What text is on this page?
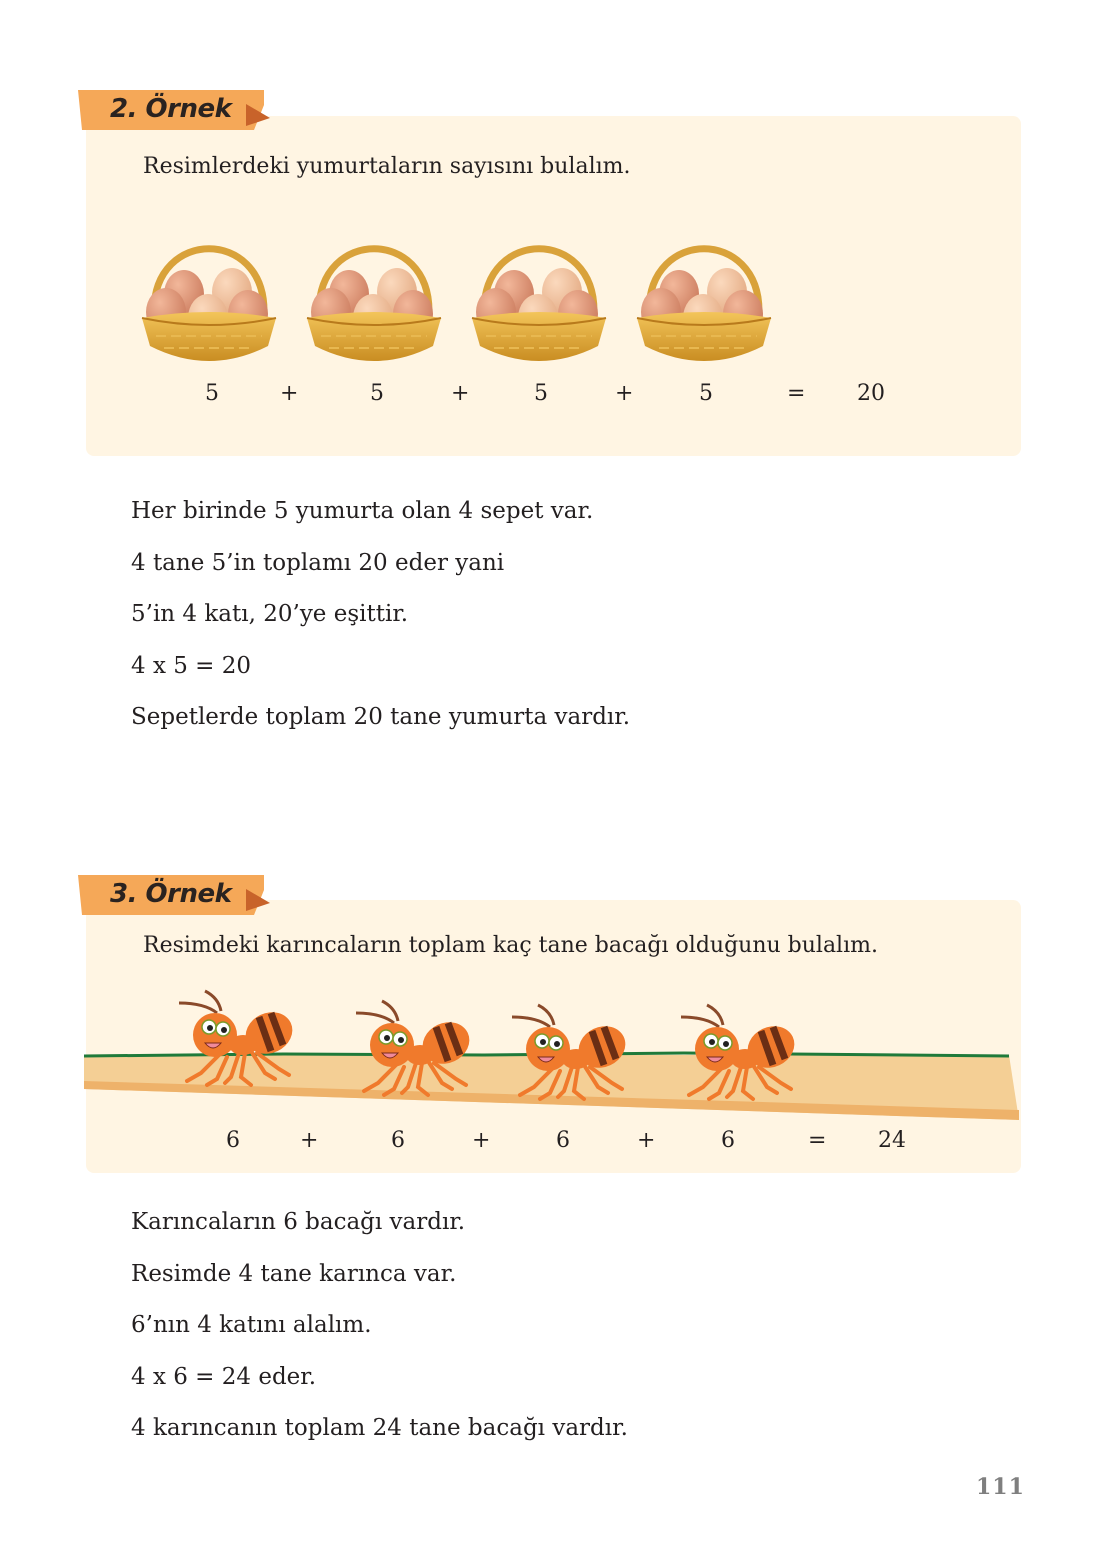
2. Örnek
Resimlerdeki yumurtaların sayısını bulalım.
5	+	5	+	5	+	5	= 20
Her birinde 5 yumurta olan 4 sepet var.
4 tane 5’in toplamı 20 eder yani
5’in 4 katı, 20’ye eşittir.
4 x 5 = 20
Sepetlerde toplam 20 tane yumurta vardır.
3. Örnek
Resimdeki karıncaların toplam kaç tane bacağı olduğunu bulalım.
6	+	6	+	6	+	6	= 24
Karıncaların 6 bacağı vardır.
Resimde 4 tane karınca var.
6’nın 4 katını alalım.
4 x 6 = 24 eder.
4 karıncanın toplam 24 tane bacağı vardır.
111
